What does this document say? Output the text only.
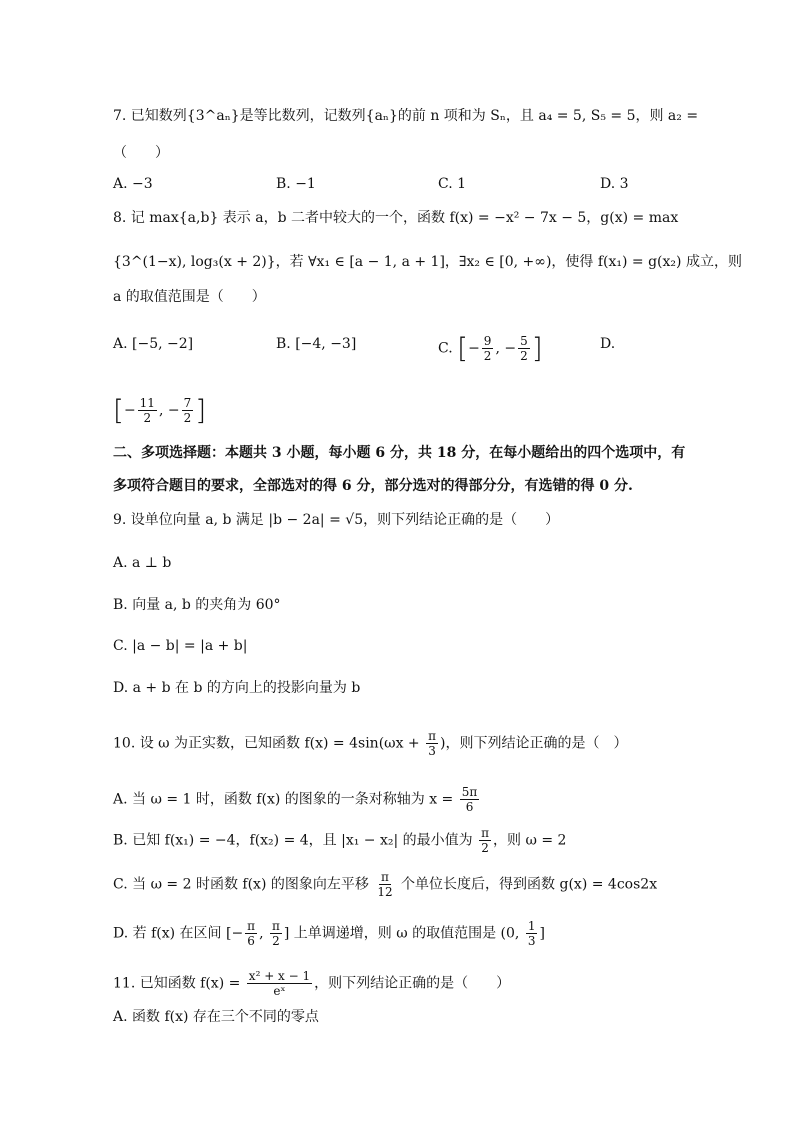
7. 已知数列{3^aₙ}是等比数列，记数列{aₙ}的前 n 项和为 Sₙ，且 a₄ = 5, S₅ = 5，则 a₂ =
（　　）
A. −3	B. −1	C. 1	D. 3
8. 记 max{a,b} 表示 a，b 二者中较大的一个，函数 f(x) = −x² − 7x − 5，g(x) = max
{3^(1−x), log₃(x + 2)}，若 ∀x₁ ∈ [a − 1, a + 1]，∃x₂ ∈ [0, +∞)，使得 f(x₁) = g(x₂) 成立，则
a 的取值范围是（　　）
A. [−5, −2]	B. [−4, −3]	C. [− $\frac{9}{2}$ , − $\frac{5}{2}$ ]	D.
[− $\frac{11}{2}$ , − $\frac{7}{2}$ ]
二、多项选择题：本题共 3 小题，每小题 6 分，共 18 分，在每小题给出的四个选项中，有
多项符合题目的要求，全部选对的得 6 分，部分选对的得部分分，有选错的得 0 分.
9. 设单位向量 a, b 满足 |b − 2a| = √5，则下列结论正确的是（　　）
A. a ⊥ b
B. 向量 a, b 的夹角为 60°
C. |a − b| = |a + b|
D. a + b 在 b 的方向上的投影向量为 b
10. 设 ω 为正实数，已知函数 $f(x) = 4\sin(\omega x + \frac{\pi}{3}$ )，则下列结论正确的是（　）
A. 当 ω = 1 时，函数 f(x) 的图象的一条对称轴为 $x = \frac{5\pi}{6}$
B. 已知 f(x₁) = −4，f(x₂) = 4，且 |x₁ − x₂| 的最小值为 $\frac{\pi}{2}$ ，则 ω = 2
C. 当 ω = 2 时函数 f(x) 的图象向左平移 $\frac{\pi}{12}$ 个单位长度后，得到函数 g(x) = 4cos2x
D. 若 f(x) 在区间 [− $\frac{\pi}{6}$ , $\frac{\pi}{2}$ ] 上单调递增，则 ω 的取值范围是 (0, $\frac{1}{3}$ ]
11. 已知函数 $f(x) = \frac{\text{x² + x − 1}}{\text{eˣ}}$ ，则下列结论正确的是（　　）
A. 函数 f(x) 存在三个不同的零点
